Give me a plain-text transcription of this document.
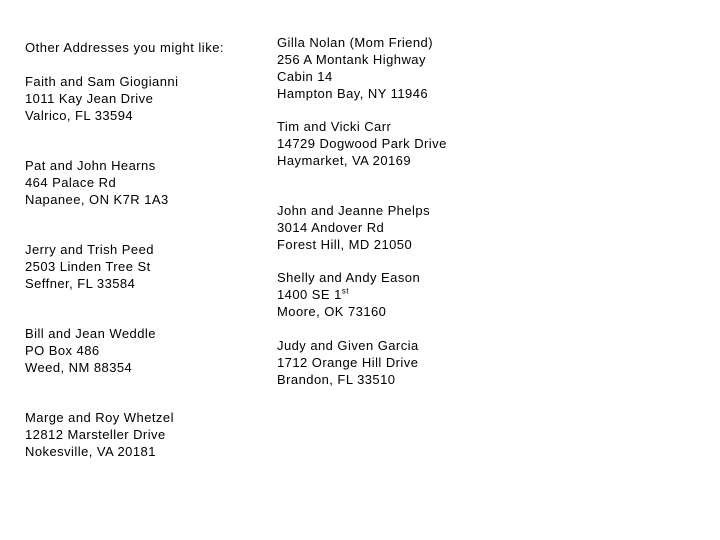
Other Addresses you might like:
Faith and Sam Giogianni
1011 Kay Jean Drive
Valrico, FL 33594
Pat and John Hearns
464 Palace Rd
Napanee, ON K7R 1A3
Jerry and Trish Peed
2503 Linden Tree St
Seffner, FL 33584
Bill and Jean Weddle
PO Box 486
Weed, NM 88354
Marge and Roy Whetzel
12812 Marsteller Drive
Nokesville, VA 20181
Gilla Nolan (Mom Friend)
256 A Montank Highway
Cabin 14
Hampton Bay, NY 11946
Tim and Vicki Carr
14729 Dogwood Park Drive
Haymarket, VA 20169
John and Jeanne Phelps
3014 Andover Rd
Forest Hill, MD 21050
Shelly and Andy Eason
1400 SE 1st
Moore, OK 73160
Judy and Given Garcia
1712 Orange Hill Drive
Brandon, FL 33510
